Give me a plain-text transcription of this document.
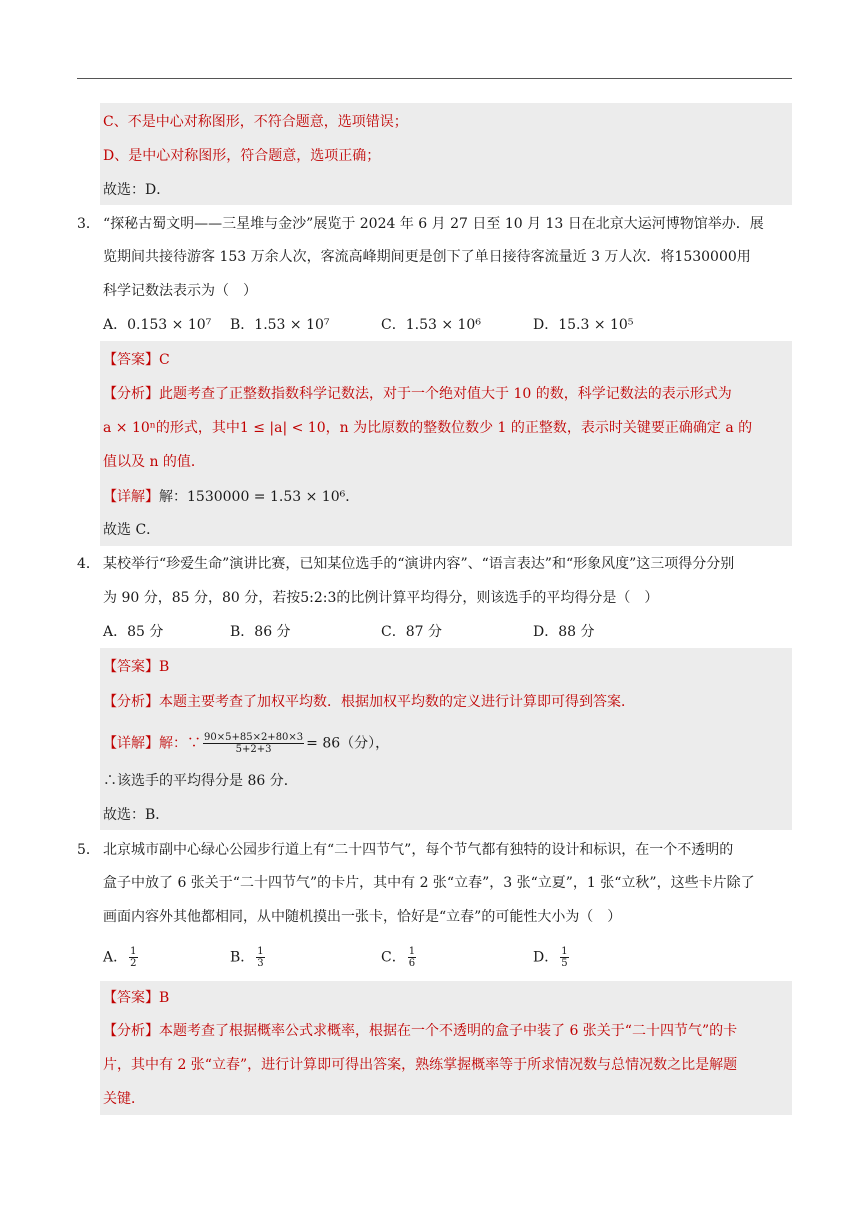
C、不是中心对称图形，不符合题意，选项错误；
D、是中心对称图形，符合题意，选项正确；
故选：D．
3． “探秘古蜀文明——三星堆与金沙”展览于 2024 年 6 月 27 日至 10 月 13 日在北京大运河博物馆举办．展
览期间共接待游客 153 万余人次，客流高峰期间更是创下了单日接待客流量近 3 万人次．将1530000用
科学记数法表示为（　）
A．0.153 × 10⁷ B．1.53 × 10⁷	C．1.53 × 10⁶	D．15.3 × 10⁵
【答案】C
【分析】此题考查了正整数指数科学记数法，对于一个绝对值大于 10 的数，科学记数法的表示形式为
a × 10ⁿ的形式，其中1 ≤ |a| < 10，n 为比原数的整数位数少 1 的正整数，表示时关键要正确确定 a 的
值以及 n 的值．
【详解】解：1530000 = 1.53 × 10⁶．
故选 C．
4． 某校举行“珍爱生命”演讲比赛，已知某位选手的“演讲内容”、“语言表达”和“形象风度”这三项得分分别
为 90 分，85 分，80 分，若按5:2:3的比例计算平均得分，则该选手的平均得分是（　）
A．85 分	B．86 分	C．87 分	D．88 分
【答案】B
【分析】本题主要考查了加权平均数．根据加权平均数的定义进行计算即可得到答案．
【详解】解：∵ $\frac{90\times 5+85\times 2+80\times 3}{5+2+3} = 86$（分），
∴该选手的平均得分是 86 分．
故选：B．
5． 北京城市副中心绿心公园步行道上有“二十四节气”，每个节气都有独特的设计和标识，在一个不透明的
盒子中放了 6 张关于“二十四节气”的卡片，其中有 2 张“立春”，3 张“立夏”，1 张“立秋”，这些卡片除了
画面内容外其他都相同，从中随机摸出一张卡，恰好是“立春”的可能性大小为（　）
A． $\frac{1}{2}$	B． $\frac{1}{3}$	C． $\frac{1}{6}$	D． $\frac{1}{5}$
【答案】B
【分析】本题考查了根据概率公式求概率，根据在一个不透明的盒子中装了 6 张关于“二十四节气”的卡
片，其中有 2 张“立春”，进行计算即可得出答案，熟练掌握概率等于所求情况数与总情况数之比是解题
关键．
